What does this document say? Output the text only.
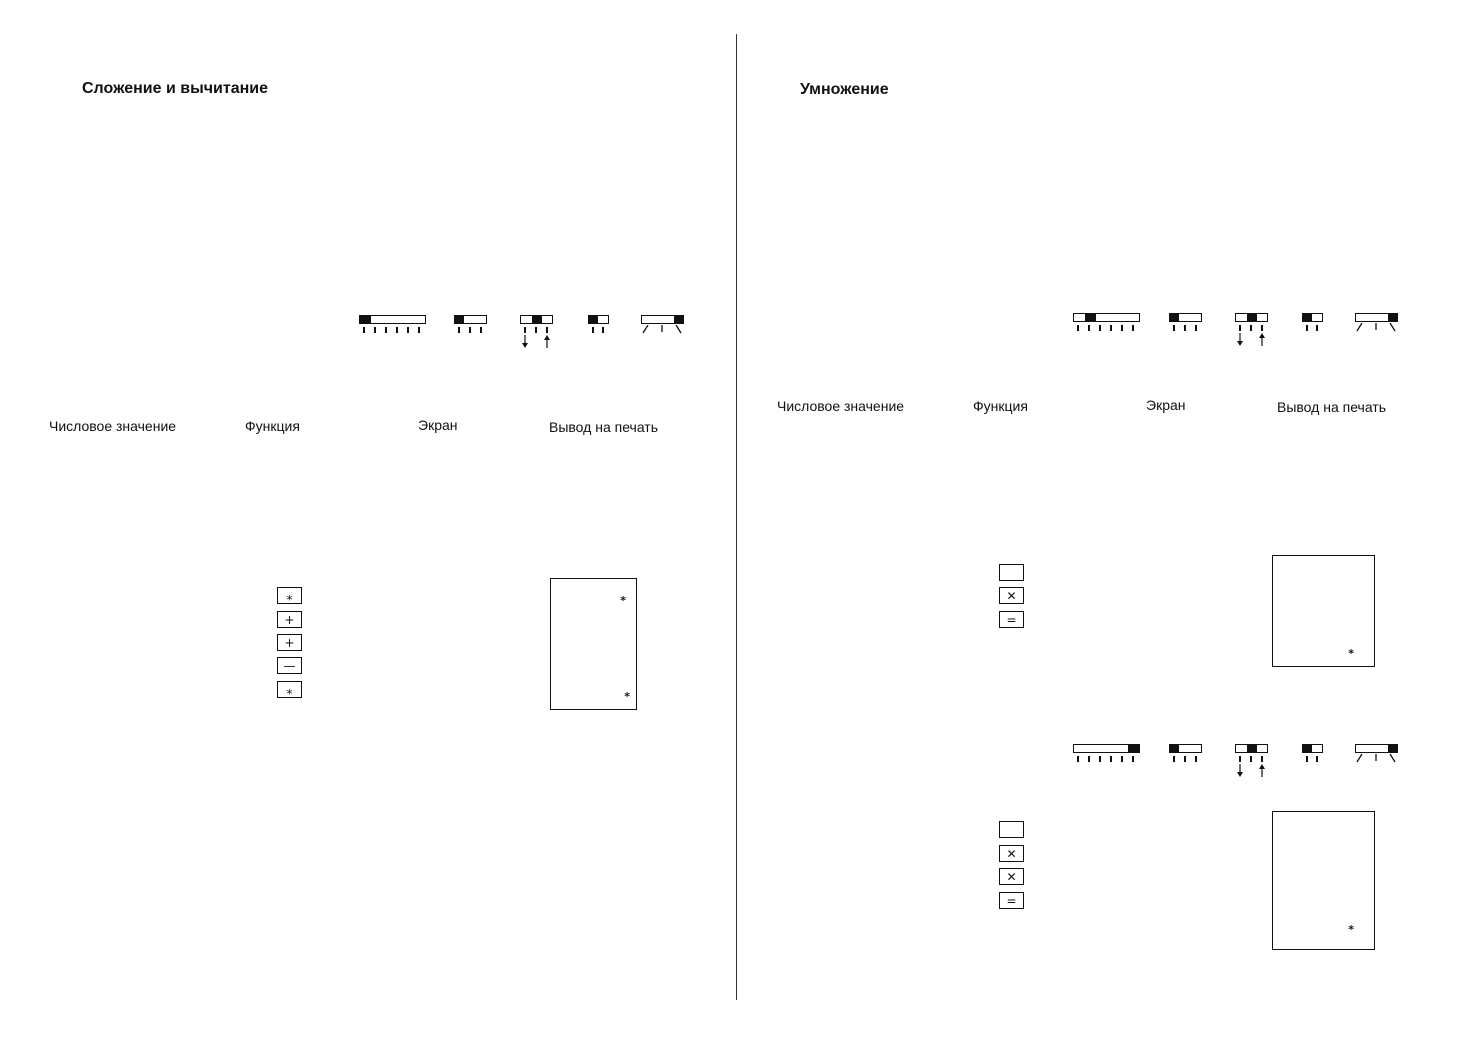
Сложение и вычитание
Числовое значение	Функция	Экран	Вывод на печать
⁎
+
+
—
⁎
⁎
⁎
Умножение
Числовое значение	Функция	Экран	Вывод на печать
✕
=
⁎
✕
✕
=
⁎
